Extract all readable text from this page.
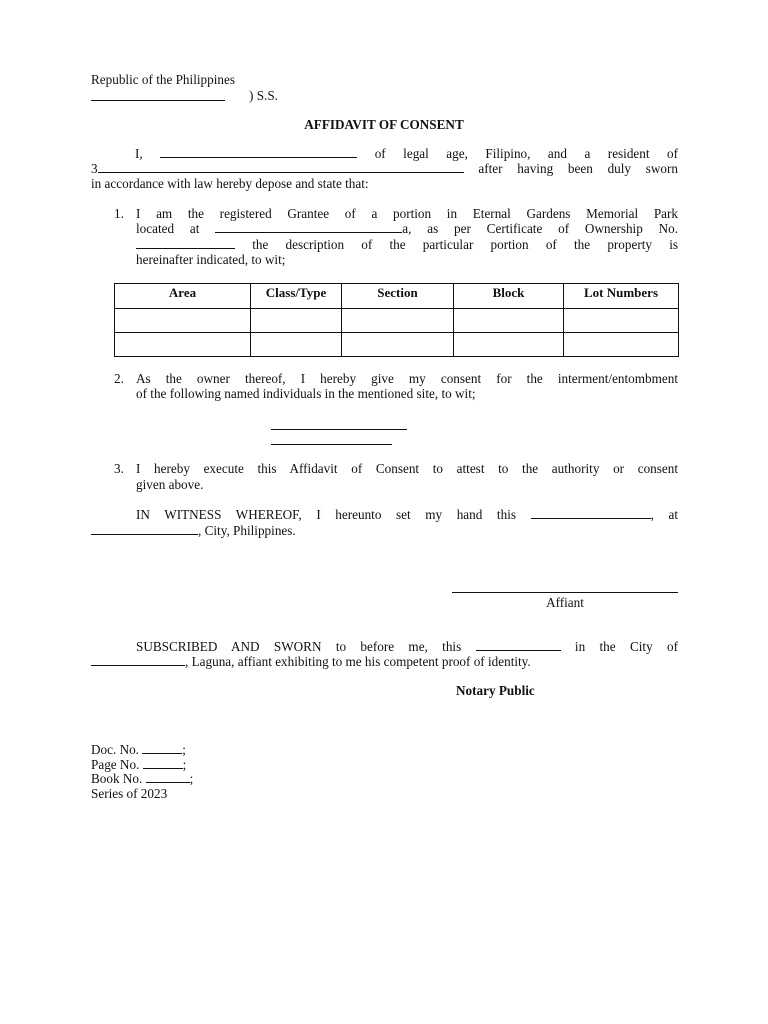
Republic of the Philippines
) S.S.
AFFIDAVIT OF CONSENT
I,	of legal age, Filipino, and a resident of
3	after having been duly sworn
in accordance with law hereby depose and state that:
1. I am the registered Grantee of a portion in Eternal Gardens Memorial Park
located at	a, as per Certificate of Ownership No.
the description of the particular portion of the property is
hereinafter indicated, to wit;
Area	Class/Type	Section	Block	Lot Numbers

2. As the owner thereof, I hereby give my consent for the interment/entombment
of the following named individuals in the mentioned site, to wit;
3. I hereby execute this Affidavit of Consent to attest to the authority or consent
given above.
IN WITNESS WHEREOF, I hereunto set my hand this	, at
, City, Philippines.
Affiant
SUBSCRIBED AND SWORN to before me, this	in the City of
, Laguna, affiant exhibiting to me his competent proof of identity.
Notary Public
Doc. No.	;
Page No.	;
Book No.	;
Series of 2023
